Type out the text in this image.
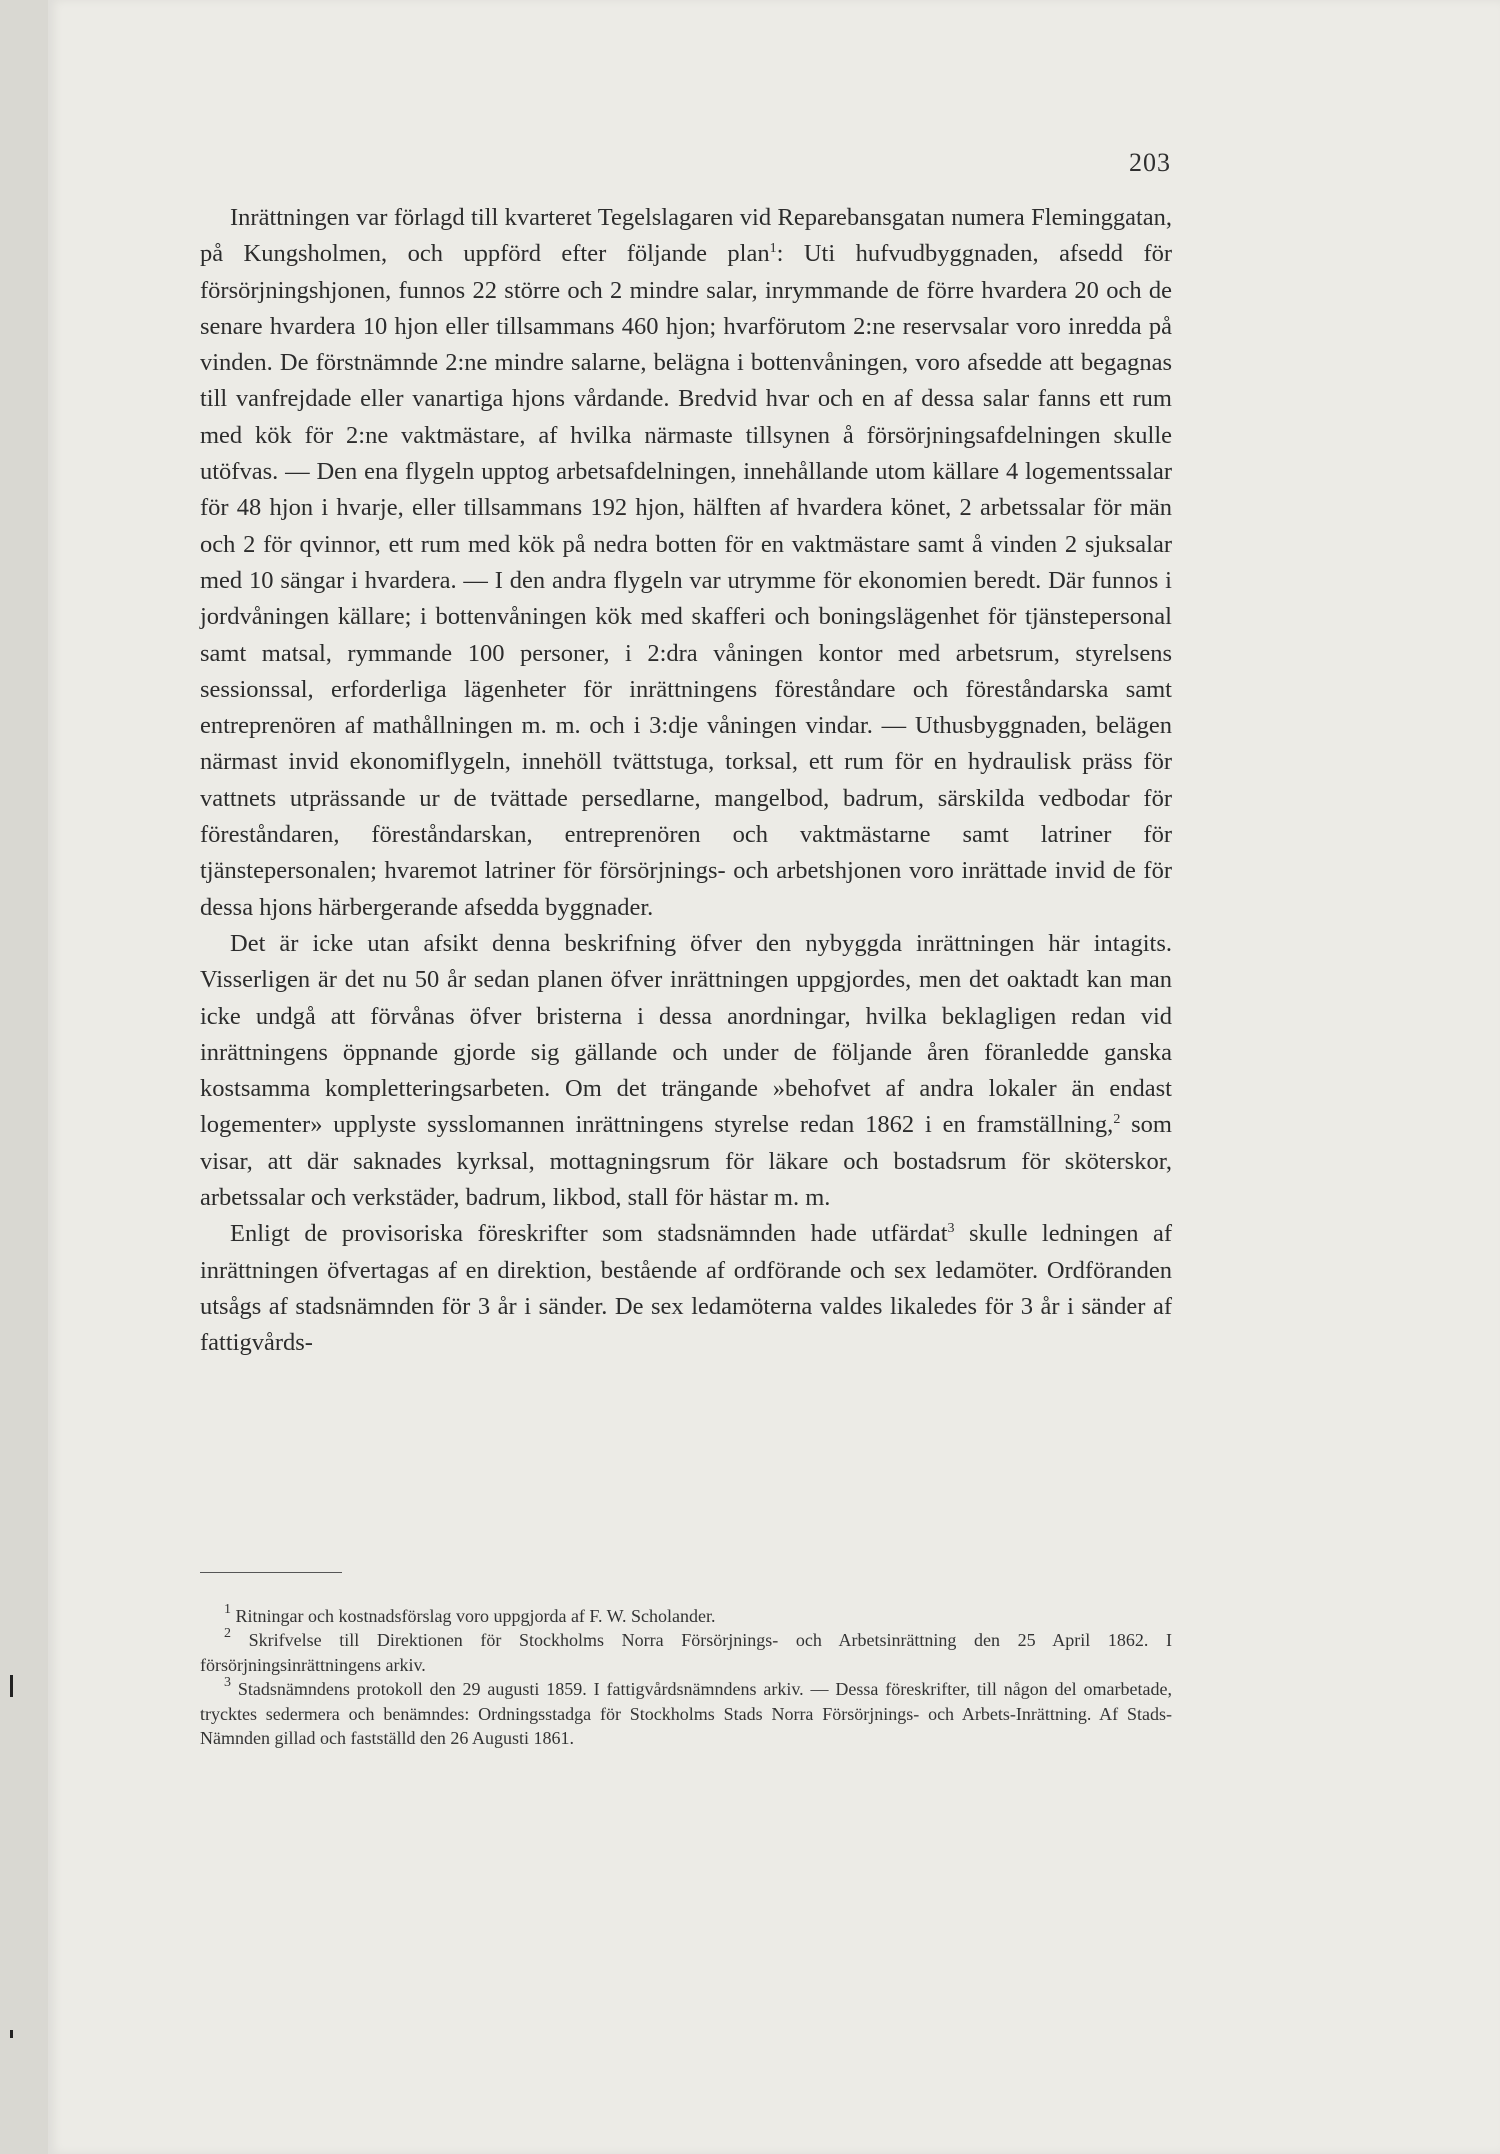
203

Inrättningen var förlagd till kvarteret Tegelslagaren vid Reparebansgatan numera Fleminggatan, på Kungsholmen, och uppförd efter följande plan$^1$: Uti hufvudbyggnaden, afsedd för försörjningshjonen, funnos 22 större och 2 mindre salar, inrymmande de förre hvardera 20 och de senare hvardera 10 hjon eller tillsammans 460 hjon; hvarförutom 2:ne reservsalar voro inredda på vinden. De förstnämnde 2:ne mindre salarne, belägna i bottenvåningen, voro afsedde att begagnas till vanfrejdade eller vanartiga hjons vårdande. Bredvid hvar och en af dessa salar fanns ett rum med kök för 2:ne vaktmästare, af hvilka närmaste tillsynen å försörjningsafdelningen skulle utöfvas. — Den ena flygeln upptog arbetsafdelningen, innehållande utom källare 4 logementssalar för 48 hjon i hvarje, eller tillsammans 192 hjon, hälften af hvardera könet, 2 arbetssalar för män och 2 för qvinnor, ett rum med kök på nedra botten för en vaktmästare samt å vinden 2 sjuksalar med 10 sängar i hvardera. — I den andra flygeln var utrymme för ekonomien beredt. Där funnos i jordvåningen källare; i bottenvåningen kök med skafferi och boningslägenhet för tjänstepersonal samt matsal, rymmande 100 personer, i 2:dra våningen kontor med arbetsrum, styrelsens sessionssal, erforderliga lägenheter för inrättningens föreståndare och föreståndarska samt entreprenören af mathållningen m. m. och i 3:dje våningen vindar. — Uthusbyggnaden, belägen närmast invid ekonomiflygeln, innehöll tvättstuga, torksal, ett rum för en hydraulisk präss för vattnets utprässande ur de tvättade persedlarne, mangelbod, badrum, särskilda vedbodar för föreståndaren, föreståndarskan, entreprenören och vaktmästarne samt latriner för tjänstepersonalen; hvaremot latriner för försörjnings- och arbetshjonen voro inrättade invid de för dessa hjons härbergerande afsedda byggnader.

Det är icke utan afsikt denna beskrifning öfver den nybyggda inrättningen här intagits. Visserligen är det nu 50 år sedan planen öfver inrättningen uppgjordes, men det oaktadt kan man icke undgå att förvånas öfver bristerna i dessa anordningar, hvilka beklagligen redan vid inrättningens öppnande gjorde sig gällande och under de följande åren föranledde ganska kostsamma kompletteringsarbeten. Om det trängande »behofvet af andra lokaler än endast logementer» upplyste sysslomannen inrättningens styrelse redan 1862 i en framställning,$^2$ som visar, att där saknades kyrksal, mottagningsrum för läkare och bostadsrum för sköterskor, arbetssalar och verkstäder, badrum, likbod, stall för hästar m. m.

Enligt de provisoriska föreskrifter som stadsnämnden hade utfärdat$^3$ skulle ledningen af inrättningen öfvertagas af en direktion, bestående af ordförande och sex ledamöter. Ordföranden utsågs af stadsnämnden för 3 år i sänder. De sex ledamöterna valdes likaledes för 3 år i sänder af fattigvårds-

$^1$ Ritningar och kostnadsförslag voro uppgjorda af F. W. Scholander.

$^2$ Skrifvelse till Direktionen för Stockholms Norra Försörjnings- och Arbetsinrättning den 25 April 1862. I försörjningsinrättningens arkiv.

$^3$ Stadsnämndens protokoll den 29 augusti 1859. I fattigvårdsnämndens arkiv. — Dessa föreskrifter, till någon del omarbetade, trycktes sedermera och benämndes: Ordningsstadga för Stockholms Stads Norra Försörjnings- och Arbets-Inrättning. Af Stads-Nämnden gillad och fastställd den 26 Augusti 1861.
